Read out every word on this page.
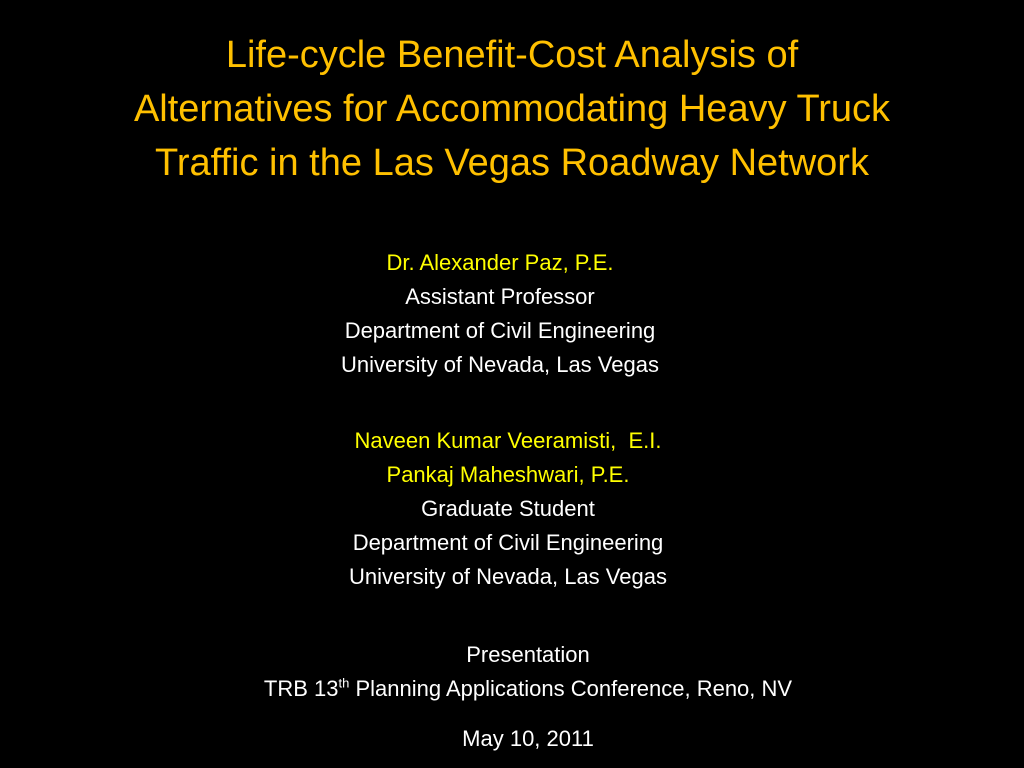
Life-cycle Benefit-Cost Analysis of
Alternatives for Accommodating Heavy Truck
Traffic in the Las Vegas Roadway Network
Dr. Alexander Paz, P.E.
Assistant Professor
Department of Civil Engineering
University of Nevada, Las Vegas
Naveen Kumar Veeramisti,  E.I.
Pankaj Maheshwari, P.E.
Graduate Student
Department of Civil Engineering
University of Nevada, Las Vegas
Presentation
TRB 13th Planning Applications Conference, Reno, NV
May 10, 2011
